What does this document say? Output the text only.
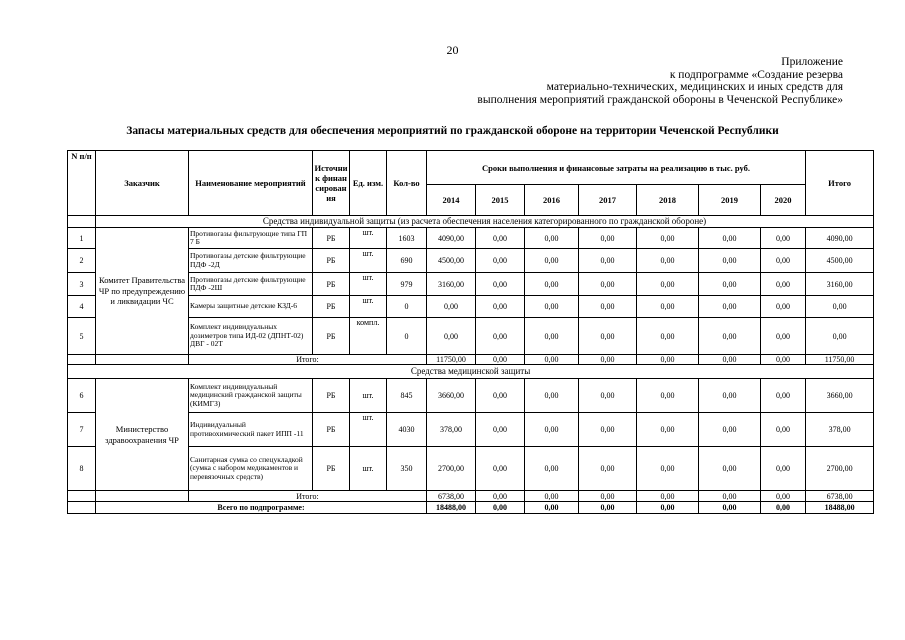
20
Приложение
к подпрограмме «Создание резерва
материально-технических, медицинских и иных средств для
выполнения мероприятий гражданской обороны в Чеченской Республике»
Запасы материальных средств для обеспечения мероприятий по гражданской обороне на территории Чеченской Республики
N п/п	Заказчик	Наименование мероприятий	Источник финансирования	Ед. изм.	Кол-во	Сроки выполнения и финансовые затраты на реализацию в тыс. руб.							Итого
						2014	2015	2016	2017	2018	2019	2020	
	Средства индивидуальной защиты (из расчета обеспечения населения категорированного по гражданской обороне)												
1	Комитет Правительства ЧР по предупреждению и ликвидации ЧС	Противогазы фильтрующие типа ГП 7 Б	РБ	шт.	1603	4090,00	0,00	0,00	0,00	0,00	0,00	0,00	4090,00
2		Противогазы детские фильтрующие ПДФ -2Д	РБ	шт.	690	4500,00	0,00	0,00	0,00	0,00	0,00	0,00	4500,00
3		Противогазы детские фильтрующие ПДФ -2Ш	РБ	шт.	979	3160,00	0,00	0,00	0,00	0,00	0,00	0,00	3160,00
4		Камеры защитные детские КЗД-6	РБ	шт.	0	0,00	0,00	0,00	0,00	0,00	0,00	0,00	0,00
5		Комплект индивидуальных дозиметров типа ИД-02 (ДПНТ-02) ДВГ - 02Т	РБ	компл.	0	0,00	0,00	0,00	0,00	0,00	0,00	0,00	0,00
		Итого:				11750,00	0,00	0,00	0,00	0,00	0,00	0,00	11750,00
Средства медицинской защиты													
6	Министерство здравоохранения ЧР	Комплект индивидуальный медицинский гражданской защиты (КИМГЗ)	РБ	шт.	845	3660,00	0,00	0,00	0,00	0,00	0,00	0,00	3660,00
7		Индивидуальный противохимический пакет ИПП -11	РБ	шт.	4030	378,00	0,00	0,00	0,00	0,00	0,00	0,00	378,00
8		Санитарная сумка со спецукладкой (сумка с набором медикаментов и перевязочных средств)	РБ	шт.	350	2700,00	0,00	0,00	0,00	0,00	0,00	0,00	2700,00
		Итого:				6738,00	0,00	0,00	0,00	0,00	0,00	0,00	6738,00
	Всего по подпрограмме:					18488,00	0,00	0,00	0,00	0,00	0,00	0,00	18488,00
